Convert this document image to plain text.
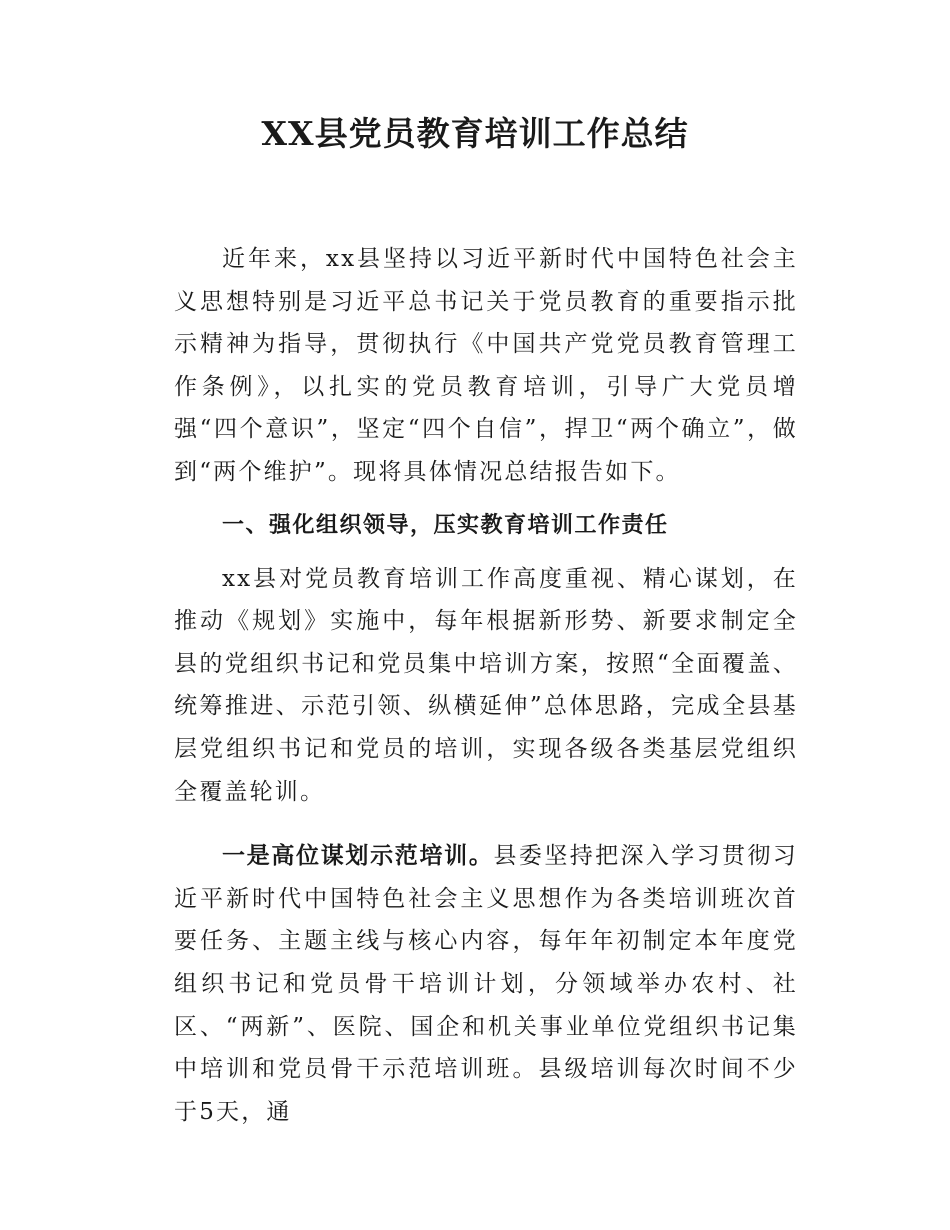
XX县党员教育培训工作总结

近年来，xx县坚持以习近平新时代中国特色社会主义思想特别是习近平总书记关于党员教育的重要指示批示精神为指导，贯彻执行《中国共产党党员教育管理工作条例》，以扎实的党员教育培训，引导广大党员增强“四个意识”，坚定“四个自信”，捍卫“两个确立”，做到“两个维护”。现将具体情况总结报告如下。

一、强化组织领导，压实教育培训工作责任

xx县对党员教育培训工作高度重视、精心谋划，在推动《规划》实施中，每年根据新形势、新要求制定全县的党组织书记和党员集中培训方案，按照“全面覆盖、统筹推进、示范引领、纵横延伸”总体思路，完成全县基层党组织书记和党员的培训，实现各级各类基层党组织全覆盖轮训。

一是高位谋划示范培训。县委坚持把深入学习贯彻习近平新时代中国特色社会主义思想作为各类培训班次首要任务、主题主线与核心内容，每年年初制定本年度党组织书记和党员骨干培训计划，分领域举办农村、社区、“两新”、医院、国企和机关事业单位党组织书记集中培训和党员骨干示范培训班。县级培训每次时间不少于5天，通
